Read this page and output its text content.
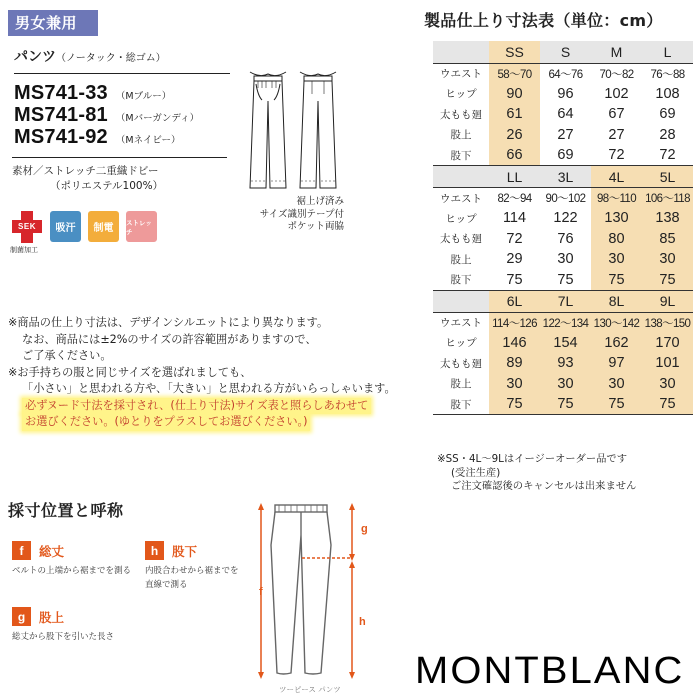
男女兼用
パンツ（ノータック・総ゴム）
MS741-33 （Mブルー）
MS741-81 （Mバーガンディ）
MS741-92 （Mネイビー）
素材／ストレッチ二重織ドビー
（ポリエステル100%）
SEK
制菌加工
吸汗	制電
ストレッチ
裾上げ済み
サイズ識別テープ付
ポケット両脇
※商品の仕上り寸法は、デザインシルエットにより異なります。
なお、商品には±2%のサイズの許容範囲がありますので、
ご了承ください。
※お手持ちの服と同じサイズを選ばれましても、
「小さい」と思われる方や、「大きい」と思われる方がいらっしゃいます。
必ずヌード寸法を採寸され、(仕上り寸法)サイズ表と照らしあわせて
お選びください。(ゆとりをプラスしてお選びください。)
製品仕上り寸法表（単位：cm）
	SS	S	M	L
ウエスト	58〜70	64〜76	70〜82	76〜88
ヒップ	90	96	102	108
太もも廻	61	64	67	69
股上	26	27	27	28
股下	66	69	72	72
	LL	3L	4L	5L
ウエスト	82〜94	90〜102	98〜110	106〜118
ヒップ	114	122	130	138
太もも廻	72	76	80	85
股上	29	30	30	30
股下	75	75	75	75
	6L	7L	8L	9L
ウエスト	114〜126	122〜134	130〜142	138〜150
ヒップ	146	154	162	170
太もも廻	89	93	97	101
股上	30	30	30	30
股下	75	75	75	75
※SS・4L〜9Lはイージーオーダー品です
(受注生産)
ご注文確認後のキャンセルは出来ません
採寸位置と呼称
f	総丈
ベルトの上端から裾までを測る
h	股下
内股合わせから裾までを
直線で測る
g	股上
総丈から股下を引いた長さ
g
f
h
ツーピース パンツ MONTBLANC
